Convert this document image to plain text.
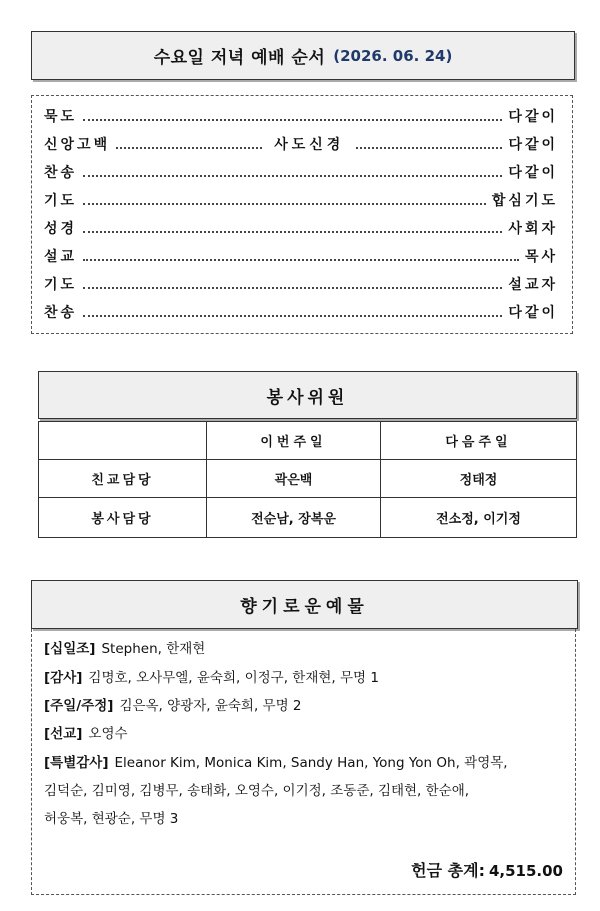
수요일 저녁 예배 순서 (2026. 06. 24)
묵도	다같이
신앙고백	사도신경	다같이
찬송	다같이
기도	합심기도
성경	사회자
설교	목사
기도	설교자
찬송	다같이
봉사위원
	이번주일	다음주일
친교담당	곽은백	정태정
봉사담당	전순남, 장복운	전소정, 이기정
향기로운예물
[십일조] Stephen, 한재현
[감사] 김명호, 오사무엘, 윤숙희, 이정구, 한재현, 무명 1
[주일/주정] 김은옥, 양광자, 윤숙희, 무명 2
[선교] 오영수
[특별감사] Eleanor Kim, Monica Kim, Sandy Han, Yong Yon Oh, 곽영목,
김덕순, 김미영, 김병무, 송태화, 오영수, 이기정, 조동준, 김태현, 한순애,
허웅복, 현광순, 무명 3
헌금 총계: 4,515.00
